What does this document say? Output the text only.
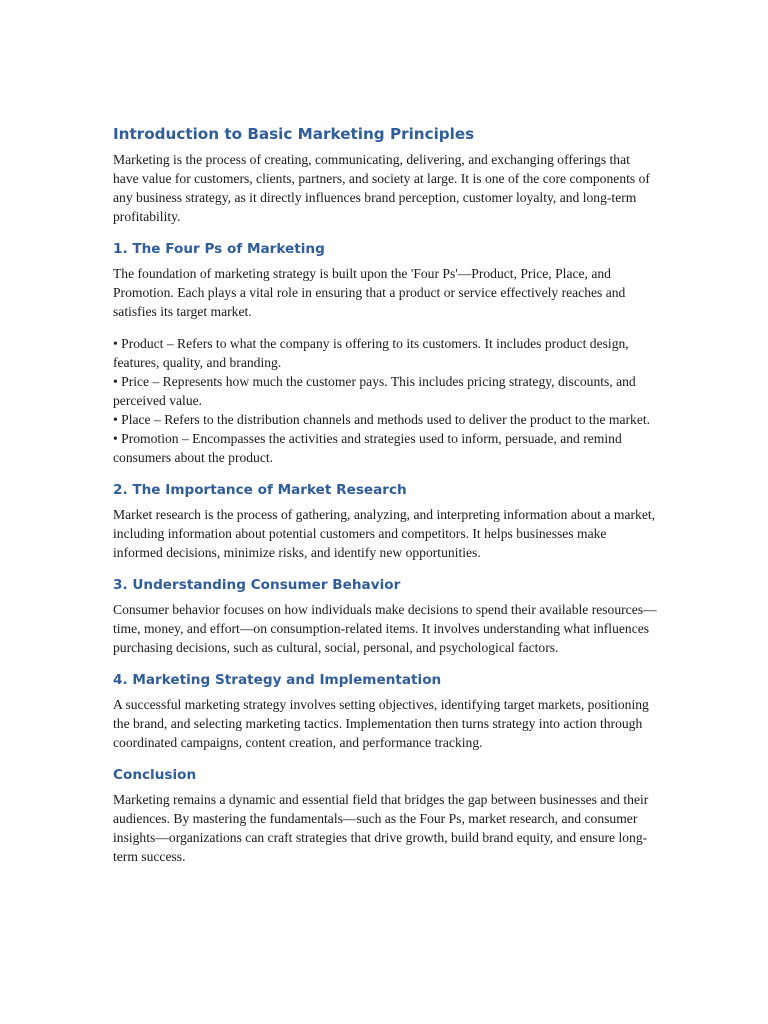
Introduction to Basic Marketing Principles

Marketing is the process of creating, communicating, delivering, and exchanging offerings that have value for customers, clients, partners, and society at large. It is one of the core components of any business strategy, as it directly influences brand perception, customer loyalty, and long-term profitability.

1. The Four Ps of Marketing

The foundation of marketing strategy is built upon the 'Four Ps'—Product, Price, Place, and Promotion. Each plays a vital role in ensuring that a product or service effectively reaches and satisfies its target market.

• Product – Refers to what the company is offering to its customers. It includes product design, features, quality, and branding.

• Price – Represents how much the customer pays. This includes pricing strategy, discounts, and perceived value.

• Place – Refers to the distribution channels and methods used to deliver the product to the market.

• Promotion – Encompasses the activities and strategies used to inform, persuade, and remind consumers about the product.

2. The Importance of Market Research

Market research is the process of gathering, analyzing, and interpreting information about a market, including information about potential customers and competitors. It helps businesses make informed decisions, minimize risks, and identify new opportunities.

3. Understanding Consumer Behavior

Consumer behavior focuses on how individuals make decisions to spend their available resources—time, money, and effort—on consumption-related items. It involves understanding what influences purchasing decisions, such as cultural, social, personal, and psychological factors.

4. Marketing Strategy and Implementation

A successful marketing strategy involves setting objectives, identifying target markets, positioning the brand, and selecting marketing tactics. Implementation then turns strategy into action through coordinated campaigns, content creation, and performance tracking.

Conclusion

Marketing remains a dynamic and essential field that bridges the gap between businesses and their audiences. By mastering the fundamentals—such as the Four Ps, market research, and consumer insights—organizations can craft strategies that drive growth, build brand equity, and ensure long-term success.
